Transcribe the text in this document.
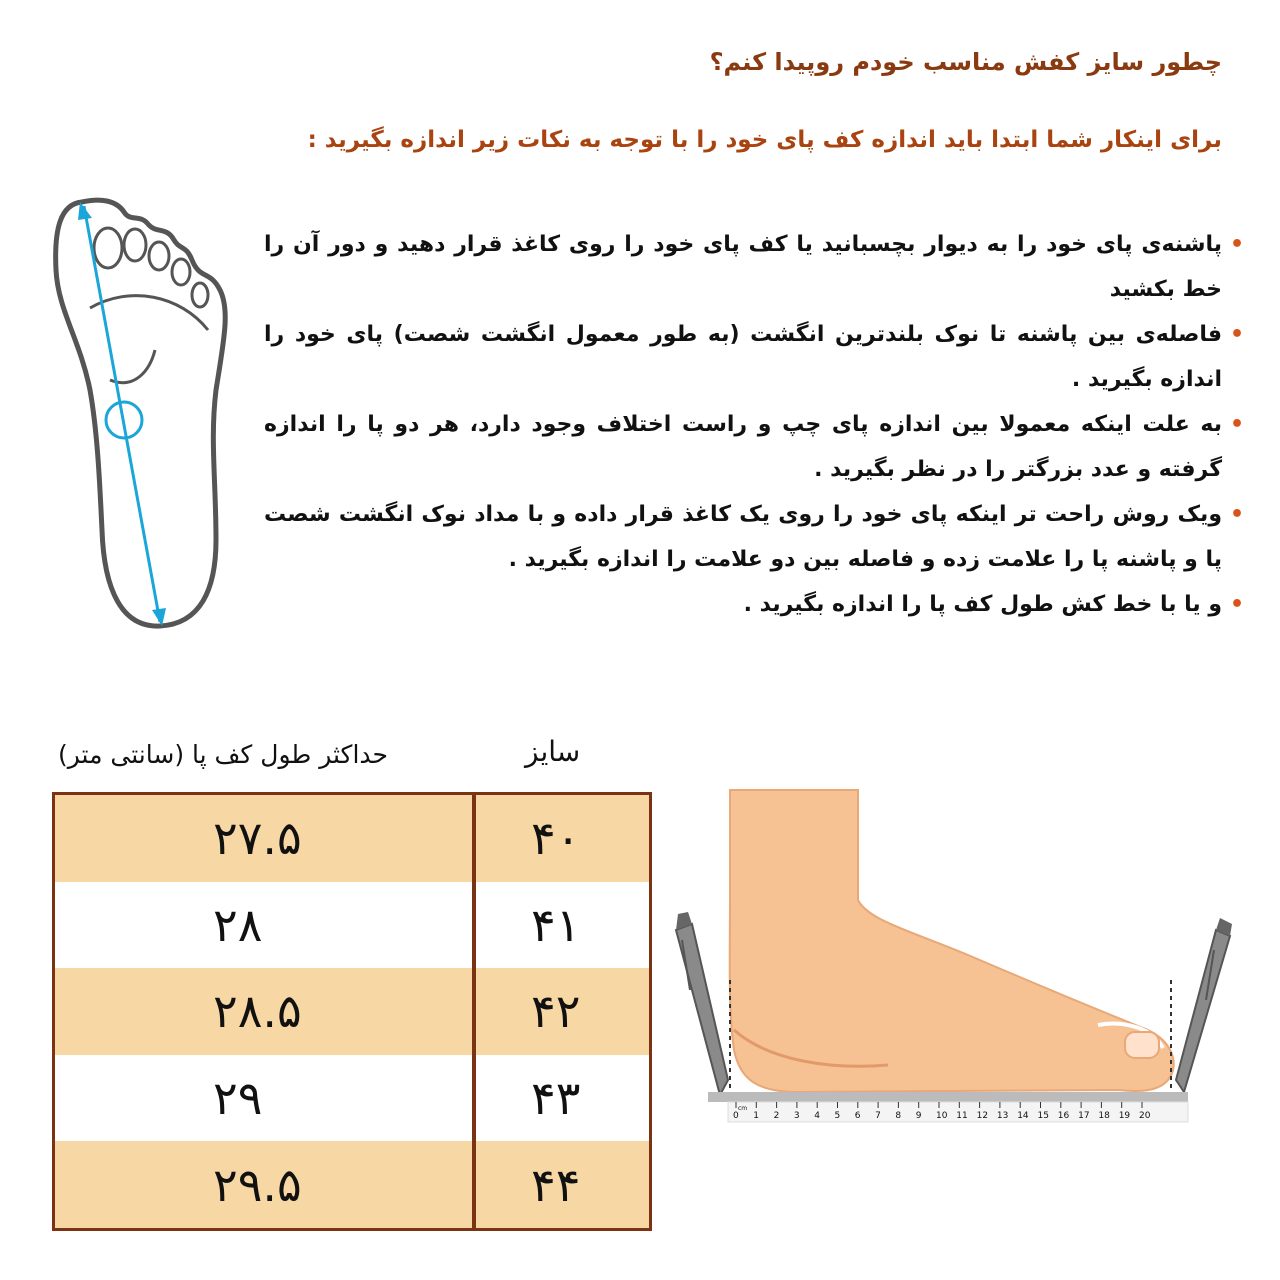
چطور سایز کفش مناسب خودم روپیدا کنم؟
برای اینکار شما ابتدا باید اندازه کف پای خود را با توجه به نکات زیر اندازه بگیرید :
•
پاشنه‌ی پای خود را به دیوار بچسبانید یا کف پای خود را روی کاغذ قرار دهید و دور آن را خط بکشید
•
فاصله‌ی بین پاشنه تا نوک بلندترین انگشت (به طور معمول انگشت شصت) پای خود را اندازه بگیرید .
•
به علت اینکه معمولا بین اندازه پای چپ و راست اختلاف وجود دارد، هر دو پا را اندازه گرفته و عدد بزرگتر را در نظر بگیرید .
•
ویک روش راحت تر اینکه پای خود را روی یک کاغذ قرار داده و با مداد نوک انگشت شصت پا و پاشنه پا را علامت زده و فاصله بین دو علامت را اندازه بگیرید .
•
و یا با خط کش طول کف پا را اندازه بگیرید .
سایز
حداکثر طول کف پا (سانتی متر)
۲۷.۵	۴۰
۲۸	۴۱
۲۸.۵	۴۲
۲۹	۴۳
۲۹.۵	۴۴
0 1 2 3 4 5 6 7 8 9 10 11 12 13 14 15 16 17 18 19 20
cm
